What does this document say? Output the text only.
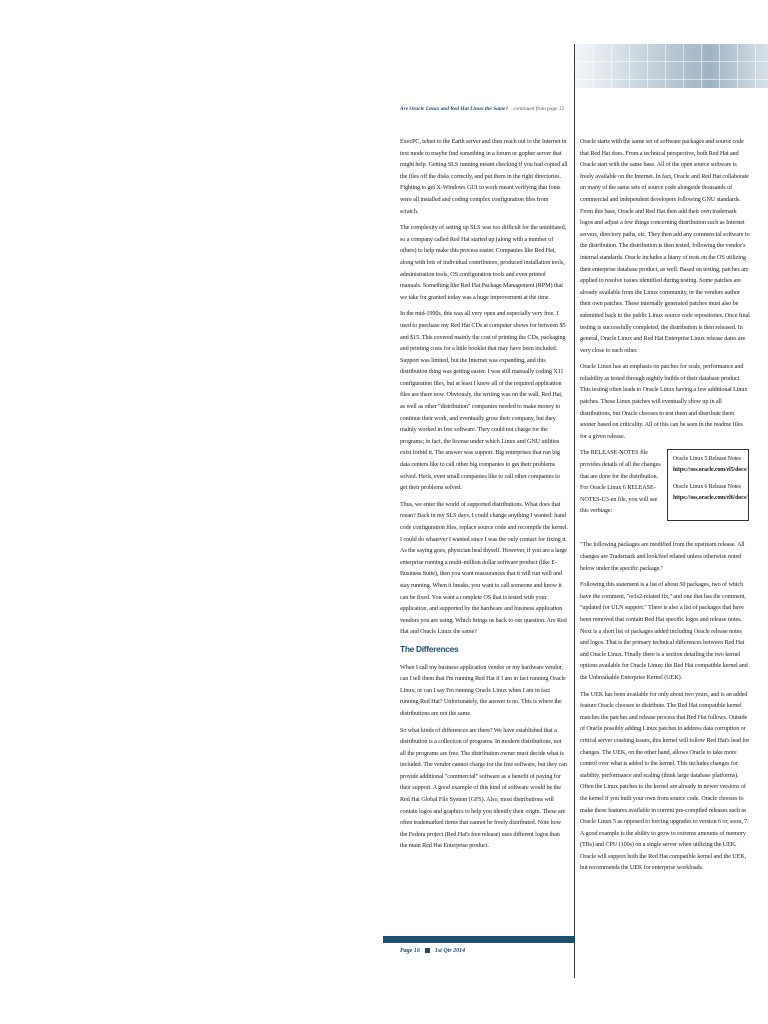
Are Oracle Linux and Red Hat Linux the Same? continued from page 15

ExecPC, telnet to the Earth server and then reach out to the Internet in text mode to maybe find something in a forum or gopher server that might help. Getting SLS running meant checking if you had copied all the files off the disks correctly, and put them in the right directories. Fighting to get X-Windows GUI to work meant verifying that fonts were all installed and coding complex configuration files from scratch.

The complexity of setting up SLS was too difficult for the uninitiated, so a company called Red Hat started up (along with a number of others) to help make this process easier. Companies like Red Hat, along with lots of individual contributors, produced installation tools, administration tools, OS configuration tools and even printed manuals. Something like Red Hat Package Management (RPM) that we take for granted today was a huge improvement at the time.

In the mid-1990s, this was all very open and especially very free. I used to purchase my Red Hat CDs at computer shows for between $5 and $15. This covered mainly the cost of printing the CDs, packaging and printing costs for a little booklet that may have been included. Support was limited, but the Internet was expanding, and this distribution thing was getting easier. I was still manually coding X11 configuration files, but at least I knew all of the required application files are there now. Obviously, the writing was on the wall. Red Hat, as well as other "distribution" companies needed to make money to continue their work, and eventually grow their company, but they mainly worked in free software. They could not charge for the programs; in fact, the license under which Linux and GNU utilities exist forbid it. The answer was support. Big enterprises that run big data centers like to call other big companies to get their problems solved. Heck, even small companies like to call other companies to get their problems solved.

Thus, we enter the world of supported distributions. What does that mean? Back in my SLS days, I could change anything I wanted: hand code configuration files, replace source code and recompile the kernel. I could do whatever I wanted since I was the only contact for fixing it. As the saying goes, physician heal thyself. However, if you are a large enterprise running a multi-million dollar software product (like E-Business Suite), then you want reassurances that it will run well and stay running. When it breaks, you want to call someone and know it can be fixed. You want a complete OS that is tested with your application, and supported by the hardware and business application vendors you are using. Which brings us back to our question. Are Red Hat and Oracle Linux the same?

The Differences

When I call my business application vendor or my hardware vendor, can I tell them that I'm running Red Hat if I am in fact running Oracle Linux, or can I say I'm running Oracle Linux when I am in fact running Red Hat? Unfortunately, the answer is no. This is where the distributions are not the same.

So what kinds of differences are there? We have established that a distribution is a collection of programs. In modern distributions, not all the programs are free. The distribution owner must decide what is included. The vendor cannot charge for the free software, but they can provide additional "commercial" software as a benefit of paying for their support. A good example of this kind of software would be the Red Hat Global File System (GFS). Also, most distributions will contain logos and graphics to help you identify their origin. These are often trademarked items that cannot be freely distributed. Note how the Fedora project (Red Hat's free release) uses different logos than the main Red Hat Enterprise product.

Oracle starts with the same set of software packages and source code that Red Hat does. From a technical perspective, both Red Hat and Oracle start with the same base. All of the open source software is freely available on the Internet. In fact, Oracle and Red Hat collaborate on many of the same sets of source code alongside thousands of commercial and independent developers following GNU standards. From this base, Oracle and Red Hat then add their own trademark logos and adjust a few things concerning distribution such as Internet servers, directory paths, etc. They then add any commercial software to the distribution. The distribution is then tested, following the vendor's internal standards. Oracle includes a litany of tests on the OS utilizing their enterprise database product, as well. Based on testing, patches are applied to resolve issues identified during testing. Some patches are already available from the Linux community, or the vendors author their own patches. These internally generated patches must also be submitted back to the public Linux source code repositories. Once final testing is successfully completed, the distribution is then released. In general, Oracle Linux and Red Hat Enterprise Linux release dates are very close to each other.

Oracle Linux has an emphasis on patches for scale, performance and reliability as tested through nightly builds of their database product. This testing often leads to Oracle Linux having a few additional Linux patches. These Linux patches will eventually show up in all distributions, but Oracle chooses to test them and distribute them sooner based on criticality. All of this can be seen in the readme files for a given release.

The RELEASE-NOTES file provides details of all the changes that are done for the distribution. For Oracle Linux 6 RELEASE-NOTES-U3-en file, you will see this verbiage:
Oracle Linux 5 Release Notes
https://oss.oracle.com/el5/docs/
Oracle Linux 6 Release Notes
https://oss.oracle.com/el6/docs/

"The following packages are modified from the upstream release. All changes are Trademark and look/feel related unless otherwise noted below under the specific package."

Following this statement is a list of about 50 packages, two of which have the comment, "ocfs2-related fix," and one that has the comment, "updated for ULN support." There is also a list of packages that have been removed that contain Red Hat specific logos and release notes. Next is a short list of packages added including Oracle release notes and logos. That is the primary technical differences between Red Hat and Oracle Linux. Finally there is a section detailing the two kernel options available for Oracle Linux: the Red Hat compatible kernel and the Unbreakable Enterprise Kernel (UEK).

The UEK has been available for only about two years, and is an added feature Oracle chooses to distribute. The Red Hat compatible kernel matches the patches and release process that Red Hat follows. Outside of Oracle possibly adding Linux patches to address data corruption or critical server crashing issues, this kernel will follow Red Hat's lead for changes. The UEK, on the other hand, allows Oracle to take more control over what is added to the kernel. This includes changes for stability, performance and scaling (think large database platforms). Often the Linux patches to the kernel are already in newer versions of the kernel if you built your own from source code. Oracle chooses to make these features available in current pre-compiled releases such as Oracle Linux 5 as opposed to forcing upgrades to version 6 or, soon, 7. A good example is the ability to grow to extreme amounts of memory (TBs) and CPU (100s) on a single server when utilizing the UEK. Oracle will support both the Red Hat compatible kernel and the UEK, but recommends the UEK for enterprise workloads.

Page 16	1st Qtr 2014
